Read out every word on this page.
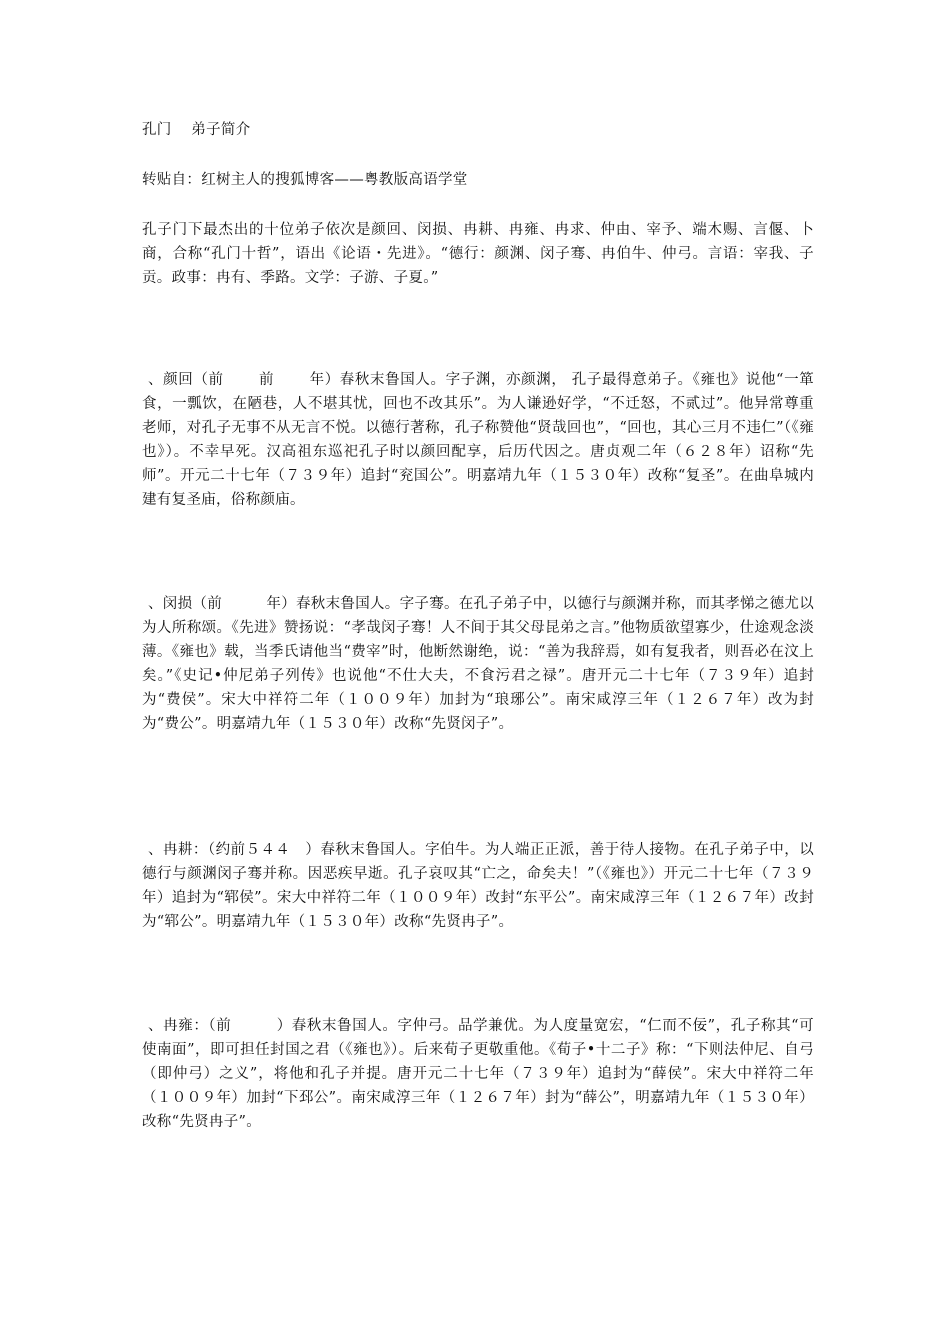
孔门　 弟子简介
转贴自：红树主人的搜狐博客——粤教版高语学堂
孔子门下最杰出的十位弟子依次是颜回、闵损、冉耕、冉雍、冉求、仲由、宰予、端木赐、言偃、卜商，合称“孔门十哲”，语出《论语・先进》。“德行：颜渊、闵子骞、冉伯牛、仲弓。言语：宰我、子贡。政事：冉有、季路。文学：子游、子夏。”
、颜回（前　　 前　　 年）春秋末鲁国人。字子渊，亦颜渊， 孔子最得意弟子。《雍也》说他“一箪食，一瓢饮，在陋巷，人不堪其忧，回也不改其乐”。为人谦逊好学，“不迁怒，不贰过”。他异常尊重老师，对孔子无事不从无言不悦。以德行著称，孔子称赞他“贤哉回也”，“回也，其心三月不违仁”（《雍也》）。不幸早死。汉高祖东巡祀孔子时以颜回配享，后历代因之。唐贞观二年（６２８年）诏称“先师”。开元二十七年（７３９年）追封“兖国公”。明嘉靖九年（１５３０年）改称“复圣”。在曲阜城内建有复圣庙，俗称颜庙。
、闵损（前　　　年）春秋末鲁国人。字子骞。在孔子弟子中，以德行与颜渊并称，而其孝悌之德尤以为人所称颂。《先进》赞扬说：“孝哉闵子骞！人不间于其父母昆弟之言。”他物质欲望寡少，仕途观念淡薄。《雍也》载，当季氏请他当“费宰”时，他断然谢绝，说：“善为我辞焉，如有复我者，则吾必在汶上矣。”《史记•仲尼弟子列传》也说他“不仕大夫，不食污君之禄”。唐开元二十七年（７３９年）追封为“费侯”。宋大中祥符二年（１００９年）加封为“琅琊公”。南宋咸淳三年（１２６７年）改为封为“费公”。明嘉靖九年（１５３０年）改称“先贤闵子”。
、冉耕：（约前５４４　）春秋末鲁国人。字伯牛。为人端正正派，善于待人接物。在孔子弟子中，以德行与颜渊闵子骞并称。因恶疾早逝。孔子哀叹其“亡之，命矣夫！”（《雍也》）开元二十七年（７３９年）追封为“郓侯”。宋大中祥符二年（１００９年）改封“东平公”。南宋咸淳三年（１２６７年）改封为“郓公”。明嘉靖九年（１５３０年）改称“先贤冉子”。
、冉雍：（前　　　）春秋末鲁国人。字仲弓。品学兼优。为人度量宽宏，“仁而不佞”，孔子称其“可使南面”，即可担任封国之君（《雍也》）。后来荀子更敬重他。《荀子•十二子》称：“下则法仲尼、自弓（即仲弓）之义”，将他和孔子并提。唐开元二十七年（７３９年）追封为“薛侯”。宋大中祥符二年（１００９年）加封“下邳公”。南宋咸淳三年（１２６７年）封为“薛公”，明嘉靖九年（１５３０年）改称“先贤冉子”。
